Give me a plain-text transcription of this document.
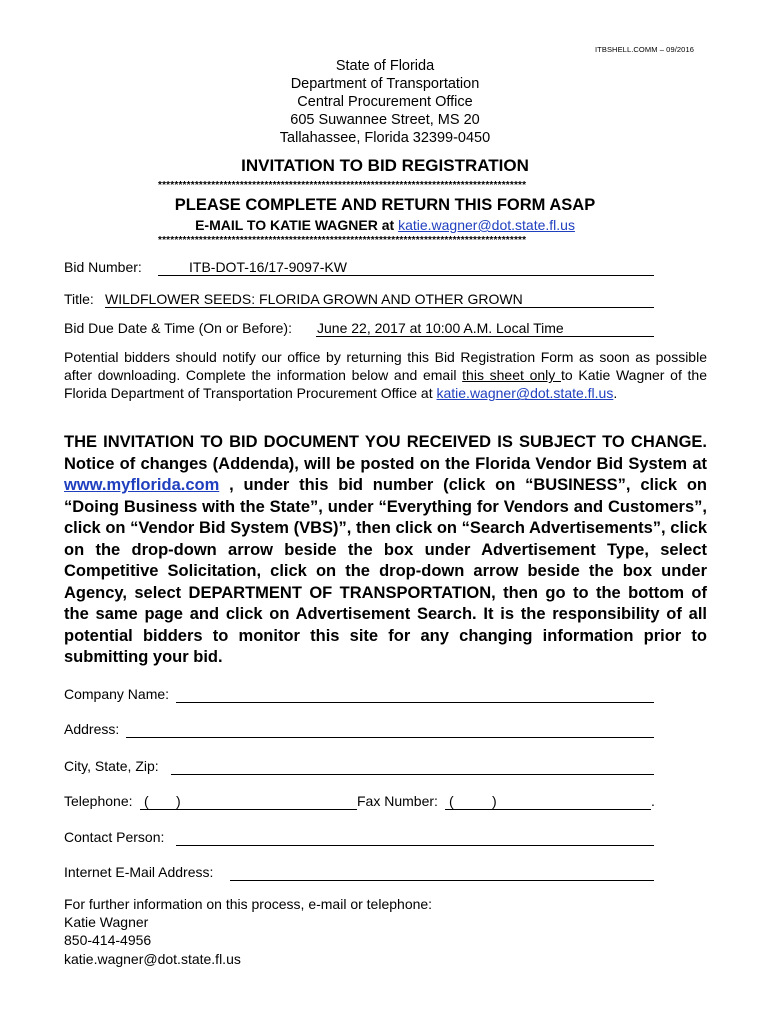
ITBSHELL.COMM – 09/2016
State of Florida
Department of Transportation
Central Procurement Office
605 Suwannee Street, MS 20
Tallahassee, Florida 32399-0450
INVITATION TO BID REGISTRATION
******************************************************************************************
PLEASE COMPLETE AND RETURN THIS FORM ASAP
E-MAIL TO KATIE WAGNER at katie.wagner@dot.state.fl.us
******************************************************************************************
Bid Number:	ITB-DOT-16/17-9097-KW
Title: WILDFLOWER SEEDS: FLORIDA GROWN AND OTHER GROWN
Bid Due Date & Time (On or Before): June 22, 2017 at 10:00 A.M. Local Time
Potential bidders should notify our office by returning this Bid Registration Form as soon as possible after downloading. Complete the information below and email this sheet only to Katie Wagner of the Florida Department of Transportation Procurement Office at katie.wagner@dot.state.fl.us.
THE INVITATION TO BID DOCUMENT YOU RECEIVED IS SUBJECT TO CHANGE. Notice of changes (Addenda), will be posted on the Florida Vendor Bid System at www.myflorida.com , under this bid number (click on “BUSINESS”, click on “Doing Business with the State”, under “Everything for Vendors and Customers”, click on “Vendor Bid System (VBS)”, then click on “Search Advertisements”, click on the drop-down arrow beside the box under Advertisement Type, select Competitive Solicitation, click on the drop-down arrow beside the box under Agency, select DEPARTMENT OF TRANSPORTATION, then go to the bottom of the same page and click on Advertisement Search. It is the responsibility of all potential bidders to monitor this site for any changing information prior to submitting your bid.
Company Name:
Address:
City, State, Zip:
Telephone: ( )	Fax Number: (	)	.
Contact Person:
Internet E-Mail Address:
For further information on this process, e-mail or telephone:
Katie Wagner
850-414-4956
katie.wagner@dot.state.fl.us
